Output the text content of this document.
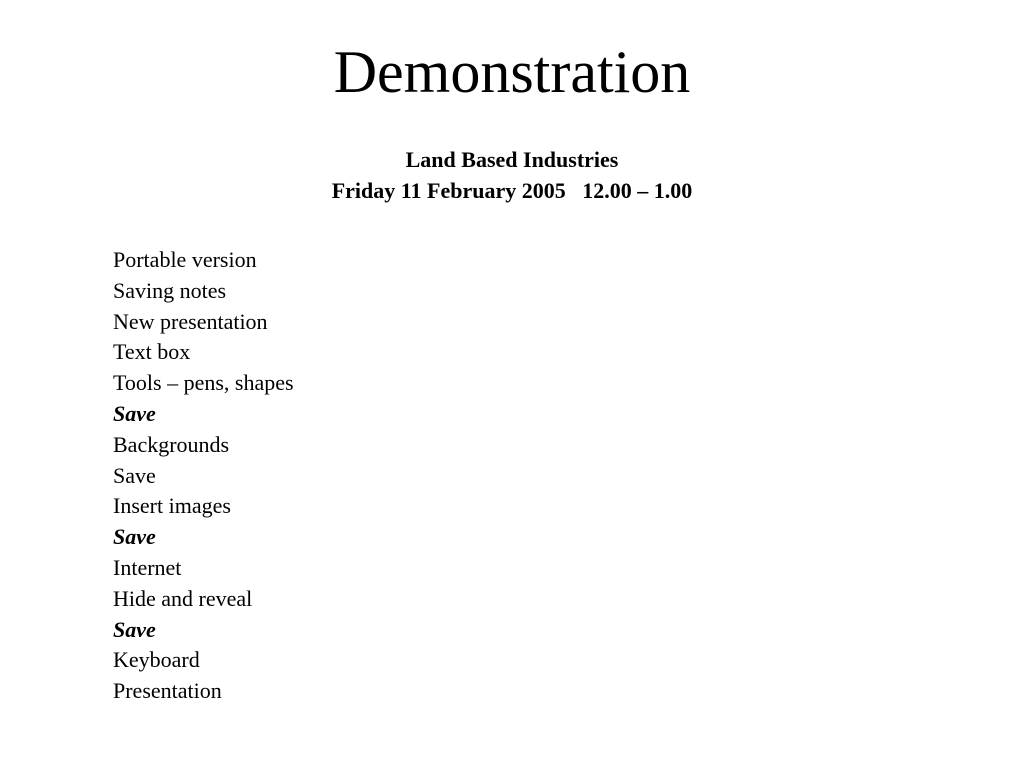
Demonstration
Land Based Industries
Friday 11 February 2005   12.00 – 1.00
Portable version
Saving notes
New presentation
Text box
Tools – pens, shapes
Save
Backgrounds
Save
Insert images
Save
Internet
Hide and reveal
Save
Keyboard
Presentation
